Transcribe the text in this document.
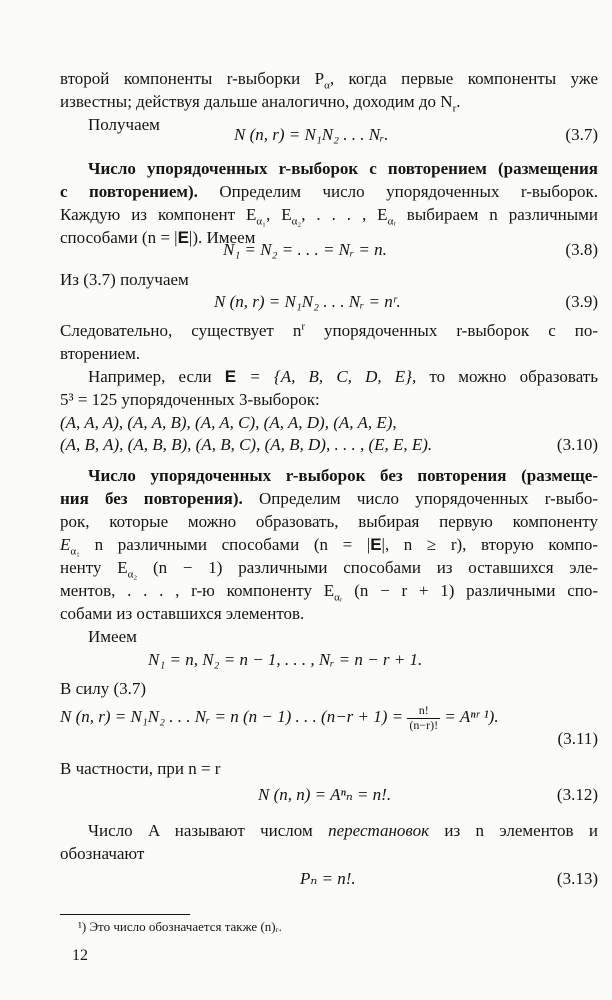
второй компоненты r-выборки $P_\alpha$, когда первые компоненты уже
известны; действуя дальше аналогично, доходим до $N_r$.
Получаем
N (n, r) = N₁N₂ . . . Nᵣ.	(3.7)
Число упорядоченных r-выборок с повторением (размещения
с повторением). Определим число упорядоченных r-выборок.
Каждую из компонент $E_{\alpha_1}$, $E_{\alpha_2}$, . . . , $E_{\alpha ᵣ}$ выбираем n различными
способами (n = |E|). Имеем
N₁ = N₂ = . . . = Nᵣ = n.	(3.8)
Из (3.7) получаем
N (n, r) = N₁N₂ . . . Nᵣ = nʳ.	(3.9)
Следовательно, существует $n^r$ упорядоченных r-выборок с по-
вторением.
Например, если E = {A, B, C, D, E}, то можно образовать
5³ = 125 упорядоченных 3-выборок:
(A, A, A), (A, A, B), (A, A, C), (A, A, D), (A, A, E),
(A, B, A), (A, B, B), (A, B, C), (A, B, D), . . . , (E, E, E).	(3.10)
Число упорядоченных r-выборок без повторения (размеще-
ния без повторения). Определим число упорядоченных r-выбо-
рок, которые можно образовать, выбирая первую компоненту
$E_{\alpha_1}$ n различными способами (n = |E|, n ≥ r), вторую компо-
ненту $E_{\alpha_2}$ (n − 1) различными способами из оставшихся эле-
ментов, . . . , r-ю компоненту $E_{\alpha ᵣ}$ (n − r + 1) различными спо-
собами из оставшихся элементов.
Имеем
N₁ = n, N₂ = n − 1, . . . , Nᵣ = n − r + 1.
В силу (3.7)
N (n, r) = N₁N₂ . . . Nᵣ = n (n − 1) . . . $(n-r + 1) = \frac{n!}{(n-r)!}$ = Aⁿʳ ¹).
(3.11)
В частности, при n = r
N (n, n) = Aⁿₙ = n!.	(3.12)
Число A называют числом перестановок из n элементов и
обозначают
Pₙ = n!.	(3.13)
¹) Это число обозначается также (n)ᵣ.
12
